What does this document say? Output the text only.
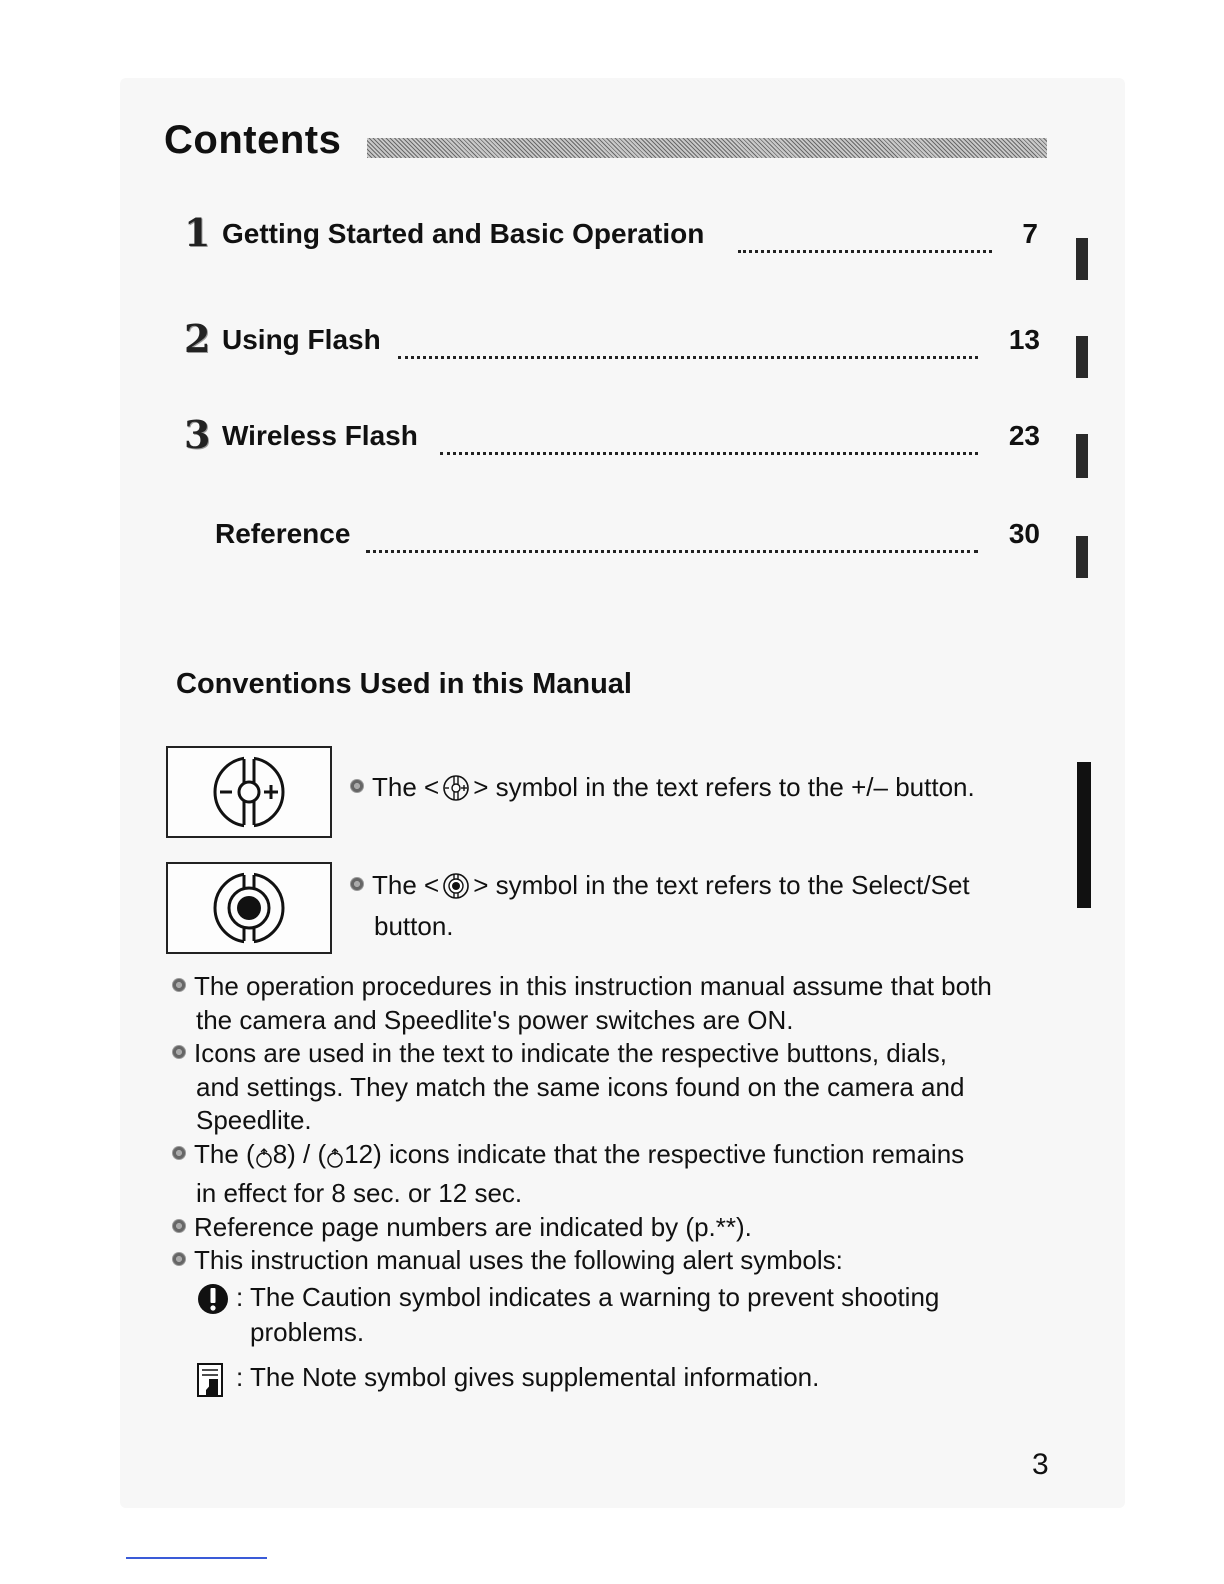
Contents
1 Getting Started and Basic Operation	7
2 Using Flash	13
3 Wireless Flash	23
Reference	30
Conventions Used in this Manual
The < > symbol in the text refers to the +/– button.
The < > symbol in the text refers to the Select/Set
button.
The operation procedures in this instruction manual assume that both
the camera and Speedlite's power switches are ON.
Icons are used in the text to indicate the respective buttons, dials,
and settings. They match the same icons found on the camera and
Speedlite.
The ( 8) / ( 12) icons indicate that the respective function remains
in effect for 8 sec. or 12 sec.
Reference page numbers are indicated by (p.**).
This instruction manual uses the following alert symbols:
: The Caution symbol indicates a warning to prevent shooting
problems.
: The Note symbol gives supplemental information.
3
